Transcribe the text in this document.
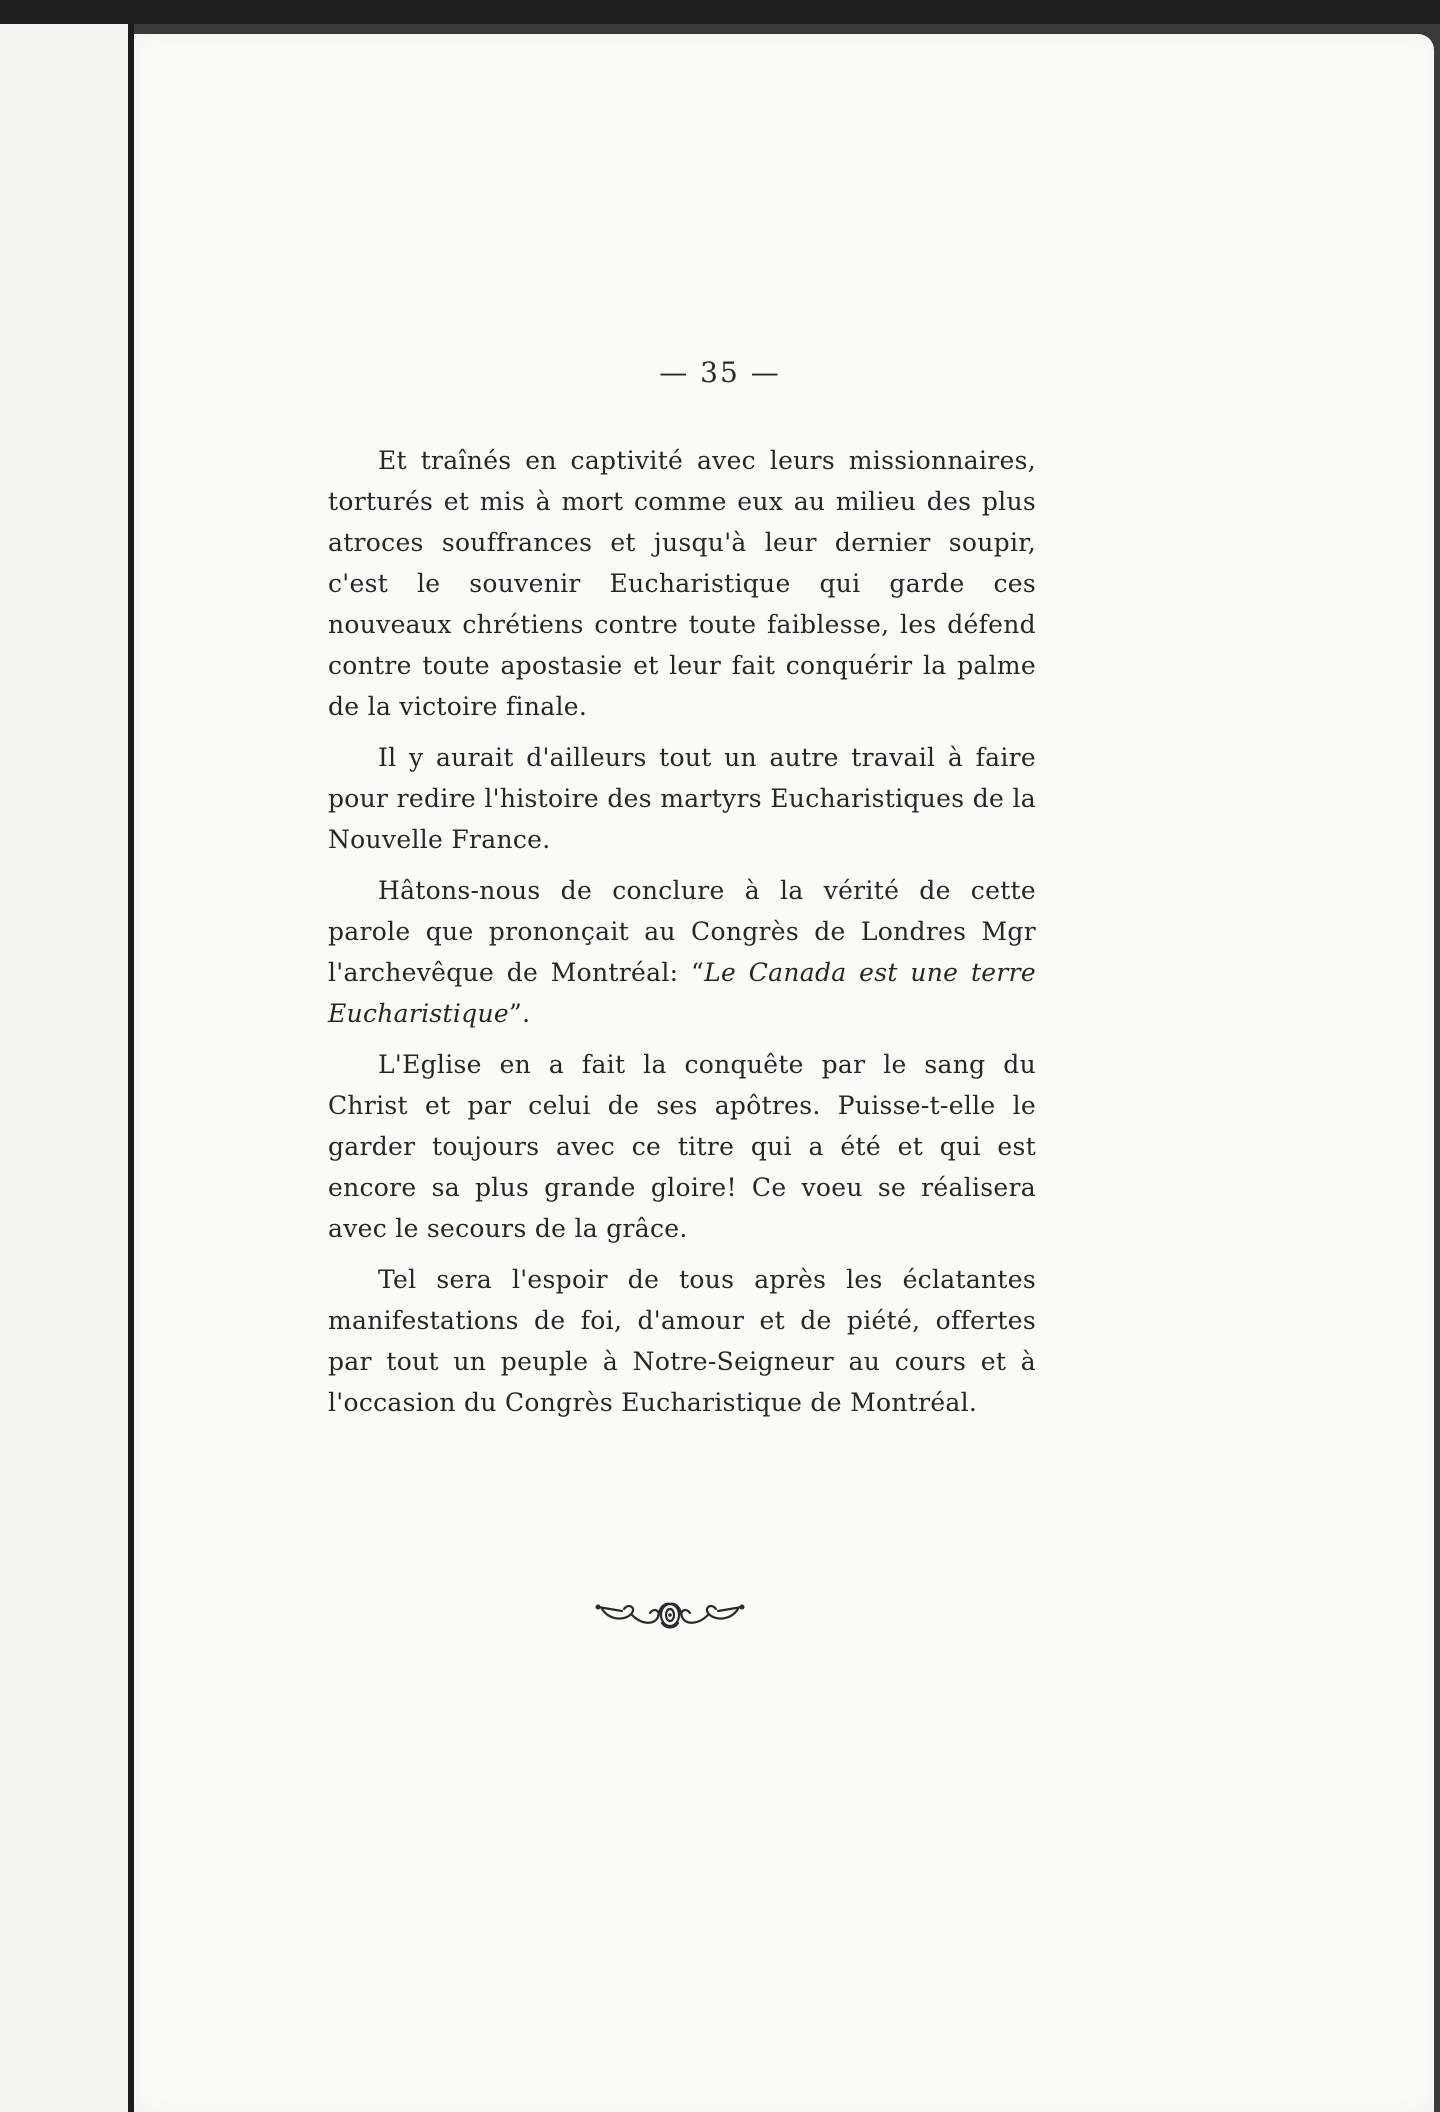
— 35 —

Et traînés en captivité avec leurs missionnaires, torturés et mis à mort comme eux au milieu des plus atroces souffrances et jusqu'à leur dernier soupir, c'est le souvenir Eucharistique qui garde ces nouveaux chrétiens contre toute faiblesse, les défend contre toute apostasie et leur fait conquérir la palme de la victoire finale.

Il y aurait d'ailleurs tout un autre travail à faire pour redire l'histoire des martyrs Eucharistiques de la Nouvelle France.

Hâtons-nous de conclure à la vérité de cette parole que prononçait au Congrès de Londres Mgr l'archevêque de Montréal: “Le Canada est une terre Eucharistique”.

L'Eglise en a fait la conquête par le sang du Christ et par celui de ses apôtres. Puisse-t-elle le garder toujours avec ce titre qui a été et qui est encore sa plus grande gloire! Ce voeu se réalisera avec le secours de la grâce.

Tel sera l'espoir de tous après les éclatantes manifestations de foi, d'amour et de piété, offertes par tout un peuple à Notre-Seigneur au cours et à l'occasion du Congrès Eucharistique de Montréal.
